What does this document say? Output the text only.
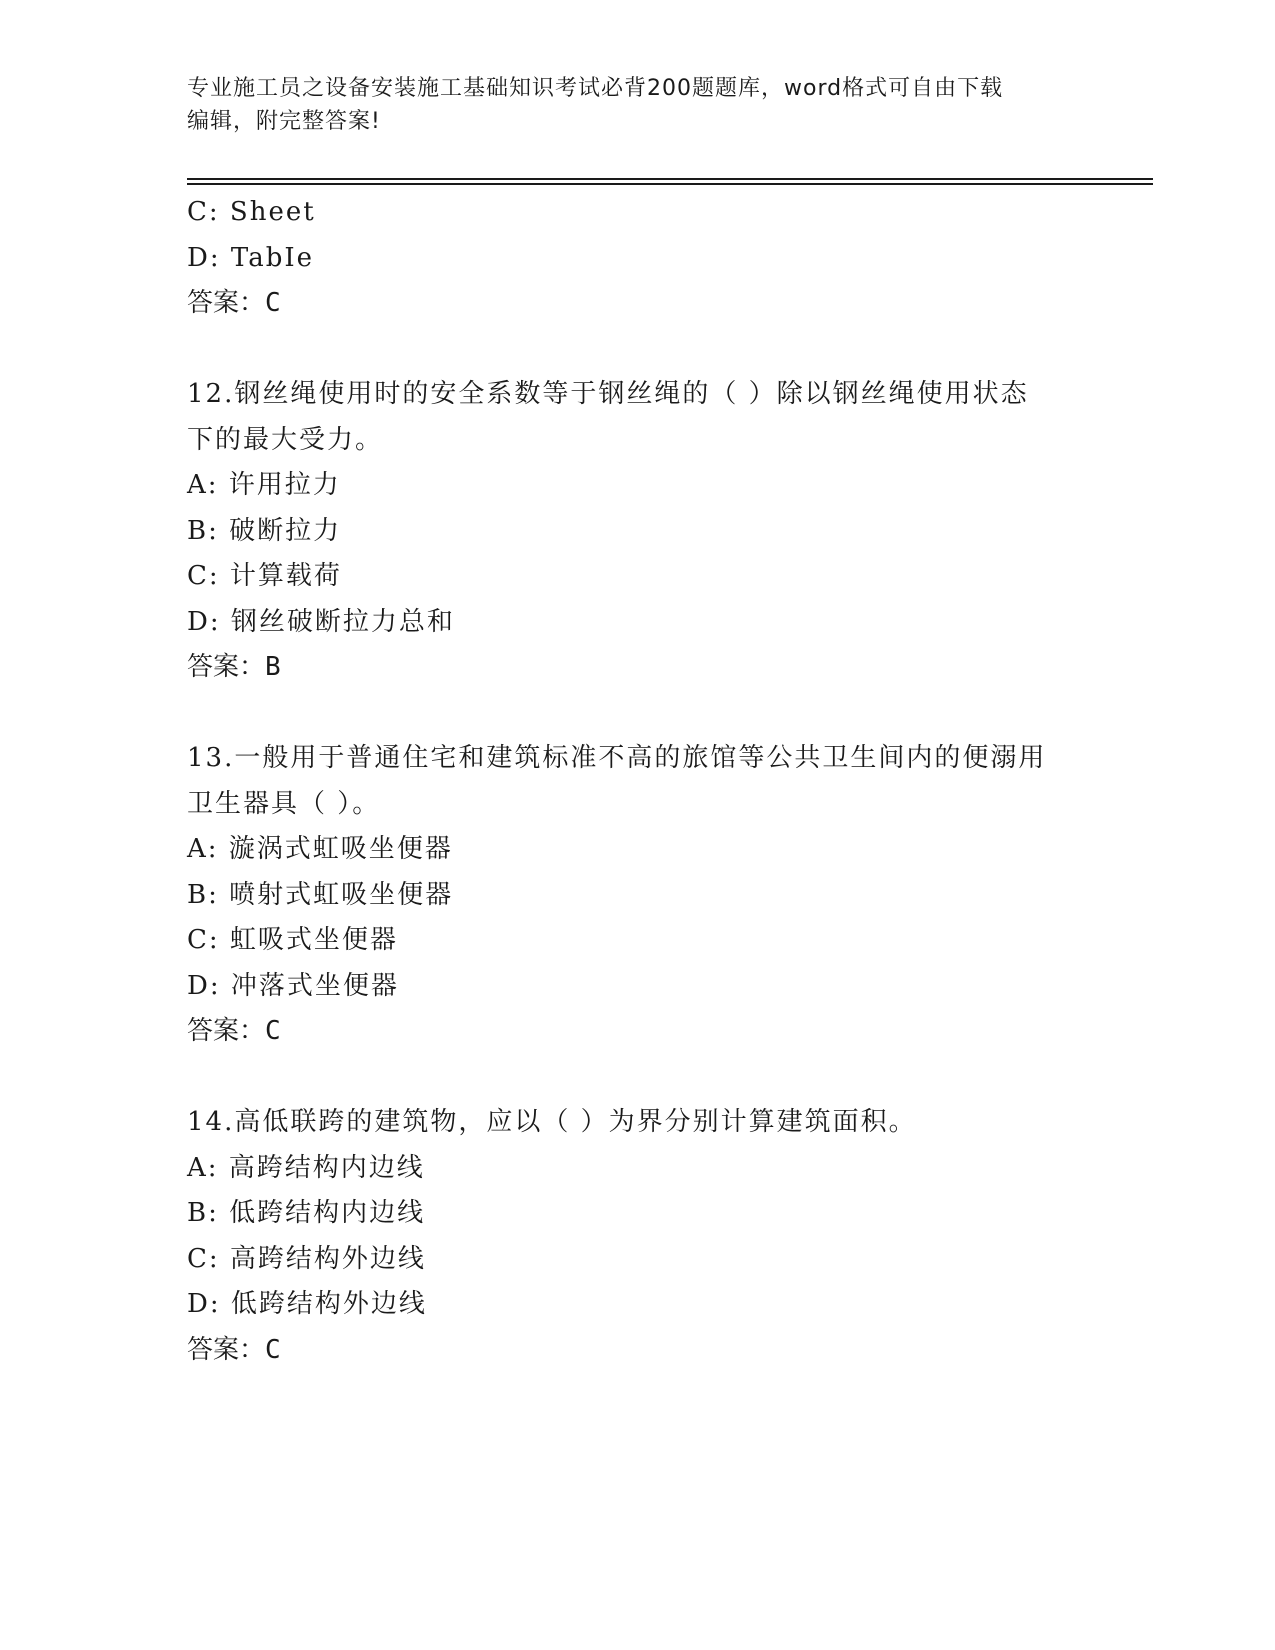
专业施工员之设备安装施工基础知识考试必背200题题库，word格式可自由下载
编辑，附完整答案!
C: Sheet
D: TabIe
答案：C
12.钢丝绳使用时的安全系数等于钢丝绳的（ ）除以钢丝绳使用状态
下的最大受力。
A: 许用拉力
B: 破断拉力
C: 计算载荷
D: 钢丝破断拉力总和
答案：B
13.一般用于普通住宅和建筑标准不高的旅馆等公共卫生间内的便溺用
卫生器具（ ）。
A: 漩涡式虹吸坐便器
B: 喷射式虹吸坐便器
C: 虹吸式坐便器
D: 冲落式坐便器
答案：C
14.高低联跨的建筑物，应以（ ）为界分别计算建筑面积。
A: 高跨结构内边线
B: 低跨结构内边线
C: 高跨结构外边线
D: 低跨结构外边线
答案：C
